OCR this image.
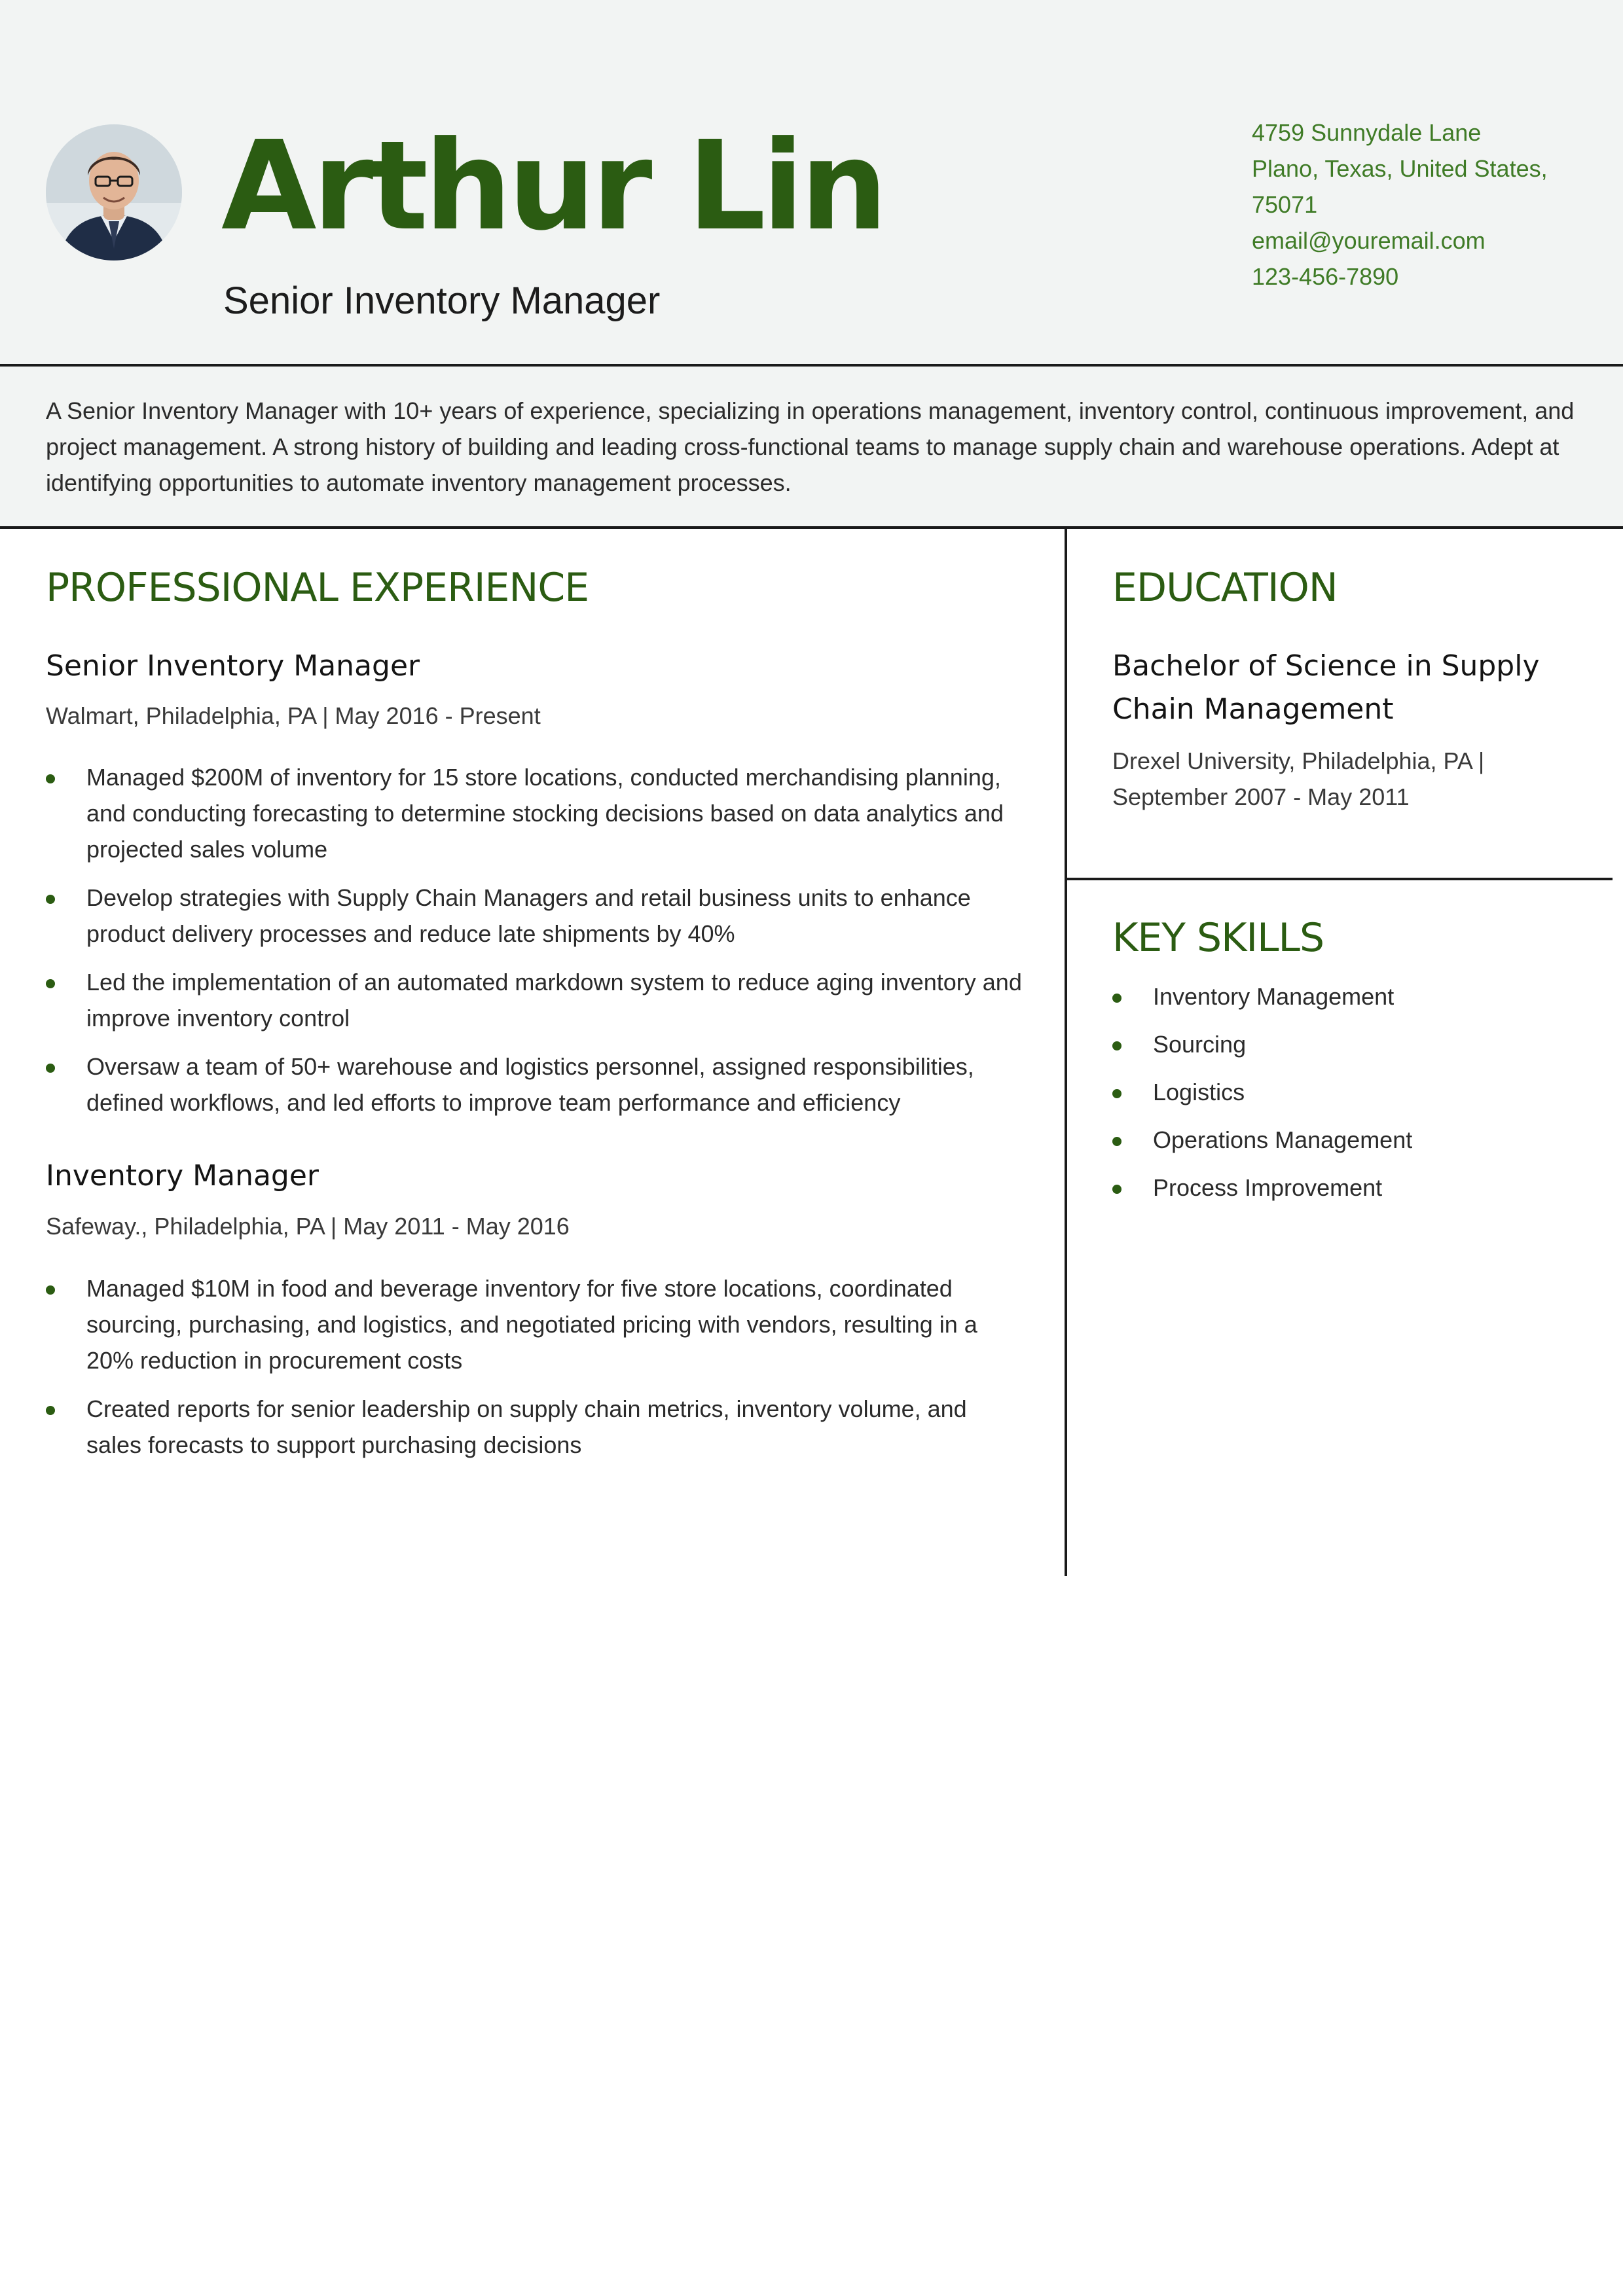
Arthur Lin
Senior Inventory Manager
4759 Sunnydale Lane
Plano, Texas, United States,
75071
email@youremail.com
123-456-7890

A Senior Inventory Manager with 10+ years of experience, specializing in operations management, inventory control, continuous improvement, and project management. A strong history of building and leading cross-functional teams to manage supply chain and warehouse operations. Adept at identifying opportunities to automate inventory management processes.

PROFESSIONAL EXPERIENCE
Senior Inventory Manager
Walmart, Philadelphia, PA | May 2016 - Present
Managed $200M of inventory for 15 store locations, conducted merchandising planning, and conducting forecasting to determine stocking decisions based on data analytics and projected sales volume
Develop strategies with Supply Chain Managers and retail business units to enhance product delivery processes and reduce late shipments by 40%
Led the implementation of an automated markdown system to reduce aging inventory and improve inventory control
Oversaw a team of 50+ warehouse and logistics personnel, assigned responsibilities, defined workflows, and led efforts to improve team performance and efficiency
Inventory Manager
Safeway., Philadelphia, PA | May 2011 - May 2016
Managed $10M in food and beverage inventory for five store locations, coordinated sourcing, purchasing, and logistics, and negotiated pricing with vendors, resulting in a 20% reduction in procurement costs
Created reports for senior leadership on supply chain metrics, inventory volume, and sales forecasts to support purchasing decisions
EDUCATION
Bachelor of Science in Supply Chain Management
Drexel University, Philadelphia, PA | September 2007 - May 2011
KEY SKILLS
Inventory Management
Sourcing
Logistics
Operations Management
Process Improvement
